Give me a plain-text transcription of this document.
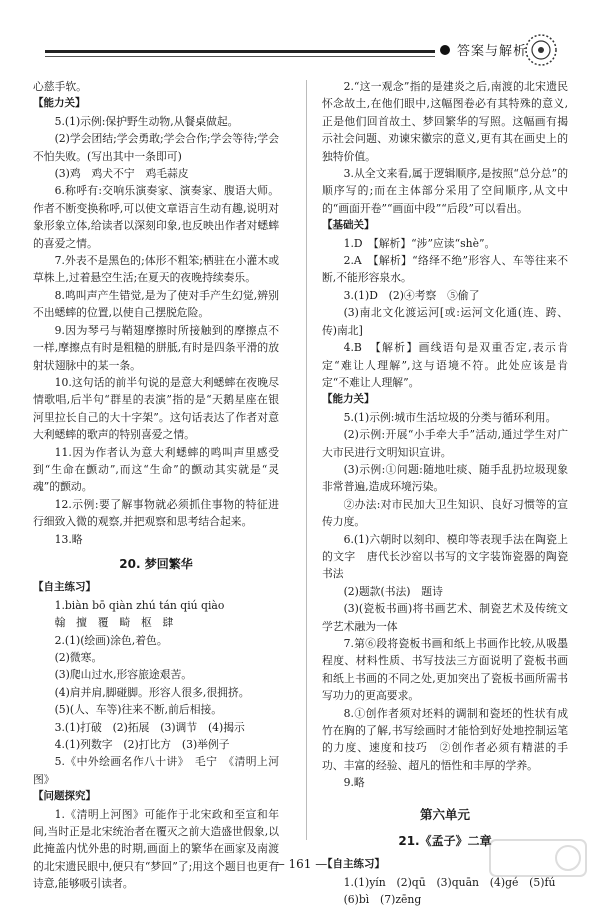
答案与解析

心慈手软。

【能力关】

5.(1)示例:保护野生动物,从餐桌做起。

(2)学会团结;学会勇敢;学会合作;学会等待;学会不怕失败。(写出其中一条即可)

(3)鸡　鸡犬不宁　鸡毛蒜皮

6.称呼有:交响乐演奏家、演奏家、腹语大师。作者不断变换称呼,可以使文章语言生动有趣,说明对象形象立体,给读者以深刻印象,也反映出作者对蟋蟀的喜爱之情。

7.外表不是黑色的;体形不粗笨;栖驻在小灌木或草株上,过着悬空生活;在夏天的夜晚持续奏乐。

8.鸣叫声产生错觉,是为了使对手产生幻觉,辨别不出蟋蟀的位置,以使自己摆脱危险。

9.因为琴弓与鞘翅摩擦时所接触到的摩擦点不一样,摩擦点有时是粗糙的胼胝,有时是四条平滑的放射状翅脉中的某一条。

10.这句话的前半句说的是意大利蟋蟀在夜晚尽情歌唱,后半句“群星的表演”指的是“天鹅星座在银河里拉长自己的大十字架”。这句话表达了作者对意大利蟋蟀的歌声的特别喜爱之情。

11.因为作者认为意大利蟋蟀的鸣叫声里感受到“生命在颤动”,而这“生命”的颤动其实就是“灵魂”的颤动。

12.示例:要了解事物就必须抓住事物的特征进行细致入微的观察,并把观察和思考结合起来。

13.略

20. 梦回繁华
【自主练习】

1.biàn bō qiàn zhú tán qiú qiào

翰　擅　覆　畸　枢　肆

2.(1)(绘画)涂色,着色。

(2)微寒。

(3)爬山过水,形容旅途艰苦。

(4)肩并肩,脚碰脚。形容人很多,很拥挤。

(5)(人、车等)往来不断,前后相接。

3.(1)打破　(2)拓展　(3)调节　(4)揭示

4.(1)列数字　(2)打比方　(3)举例子

5.《中外绘画名作八十讲》　毛宁　《清明上河图》

【问题探究】

1.《清明上河图》可能作于北宋政和至宣和年间,当时正是北宋统治者在覆灭之前大造盛世假象,以此掩盖内忧外患的时期,画面上的繁华在画家及南渡的北宋遗民眼中,便只有“梦回”了;用这个题目也更有诗意,能够吸引读者。

2.“这一观念”指的是建炎之后,南渡的北宋遗民怀念故土,在他们眼中,这幅图卷必有其特殊的意义,正是他们回首故土、梦回繁华的写照。这幅画有揭示社会问题、劝谏宋徽宗的意义,更有其在画史上的独特价值。

3.从全文来看,属于逻辑顺序,是按照“总分总”的顺序写的;而在主体部分采用了空间顺序,从文中的“画面开卷”“画面中段”“后段”可以看出。

【基础关】

1.D　【解析】“涉”应读“shè”。

2.A　【解析】“络绎不绝”形容人、车等往来不断,不能形容泉水。

3.(1)D　(2)④考察　⑤偷了

(3)南北文化渡运河[或:运河文化通(连、跨、传)南北]

4.B　【解析】画线语句是双重否定,表示肯定“难让人理解”,这与语境不符。此处应该是肯定“不难让人理解”。

【能力关】

5.(1)示例:城市生活垃圾的分类与循环利用。

(2)示例:开展“小手牵大手”活动,通过学生对广大市民进行文明知识宣讲。

(3)示例:①问题:随地吐痰、随手乱扔垃圾现象非常普遍,造成环境污染。

②办法:对市民加大卫生知识、良好习惯等的宣传力度。

6.(1)六朝时以刻印、模印等表现手法在陶瓷上的文字　唐代长沙窑以书写的文字装饰瓷器的陶瓷书法

(2)题款(书法)　题诗

(3)(瓷板书画)将书画艺术、制瓷艺术及传统文学艺术融为一体

7.第⑥段将瓷板书画和纸上书画作比较,从吸墨程度、材料性质、书写技法三方面说明了瓷板书画和纸上书画的不同之处,更加突出了瓷板书画所需书写功力的更高要求。

8.①创作者须对坯料的调制和瓷坯的性状有成竹在胸的了解,书写绘画时才能恰到好处地控制运笔的力度、速度和技巧　②创作者必须有精湛的手功、丰富的经验、超凡的悟性和丰厚的学养。

9.略

第六单元
21.《孟子》二章
【自主练习】

1.(1)yín　(2)qū　(3)quān　(4)gé　(5)fú

(6)bì　(7)zēng

— 161 —
